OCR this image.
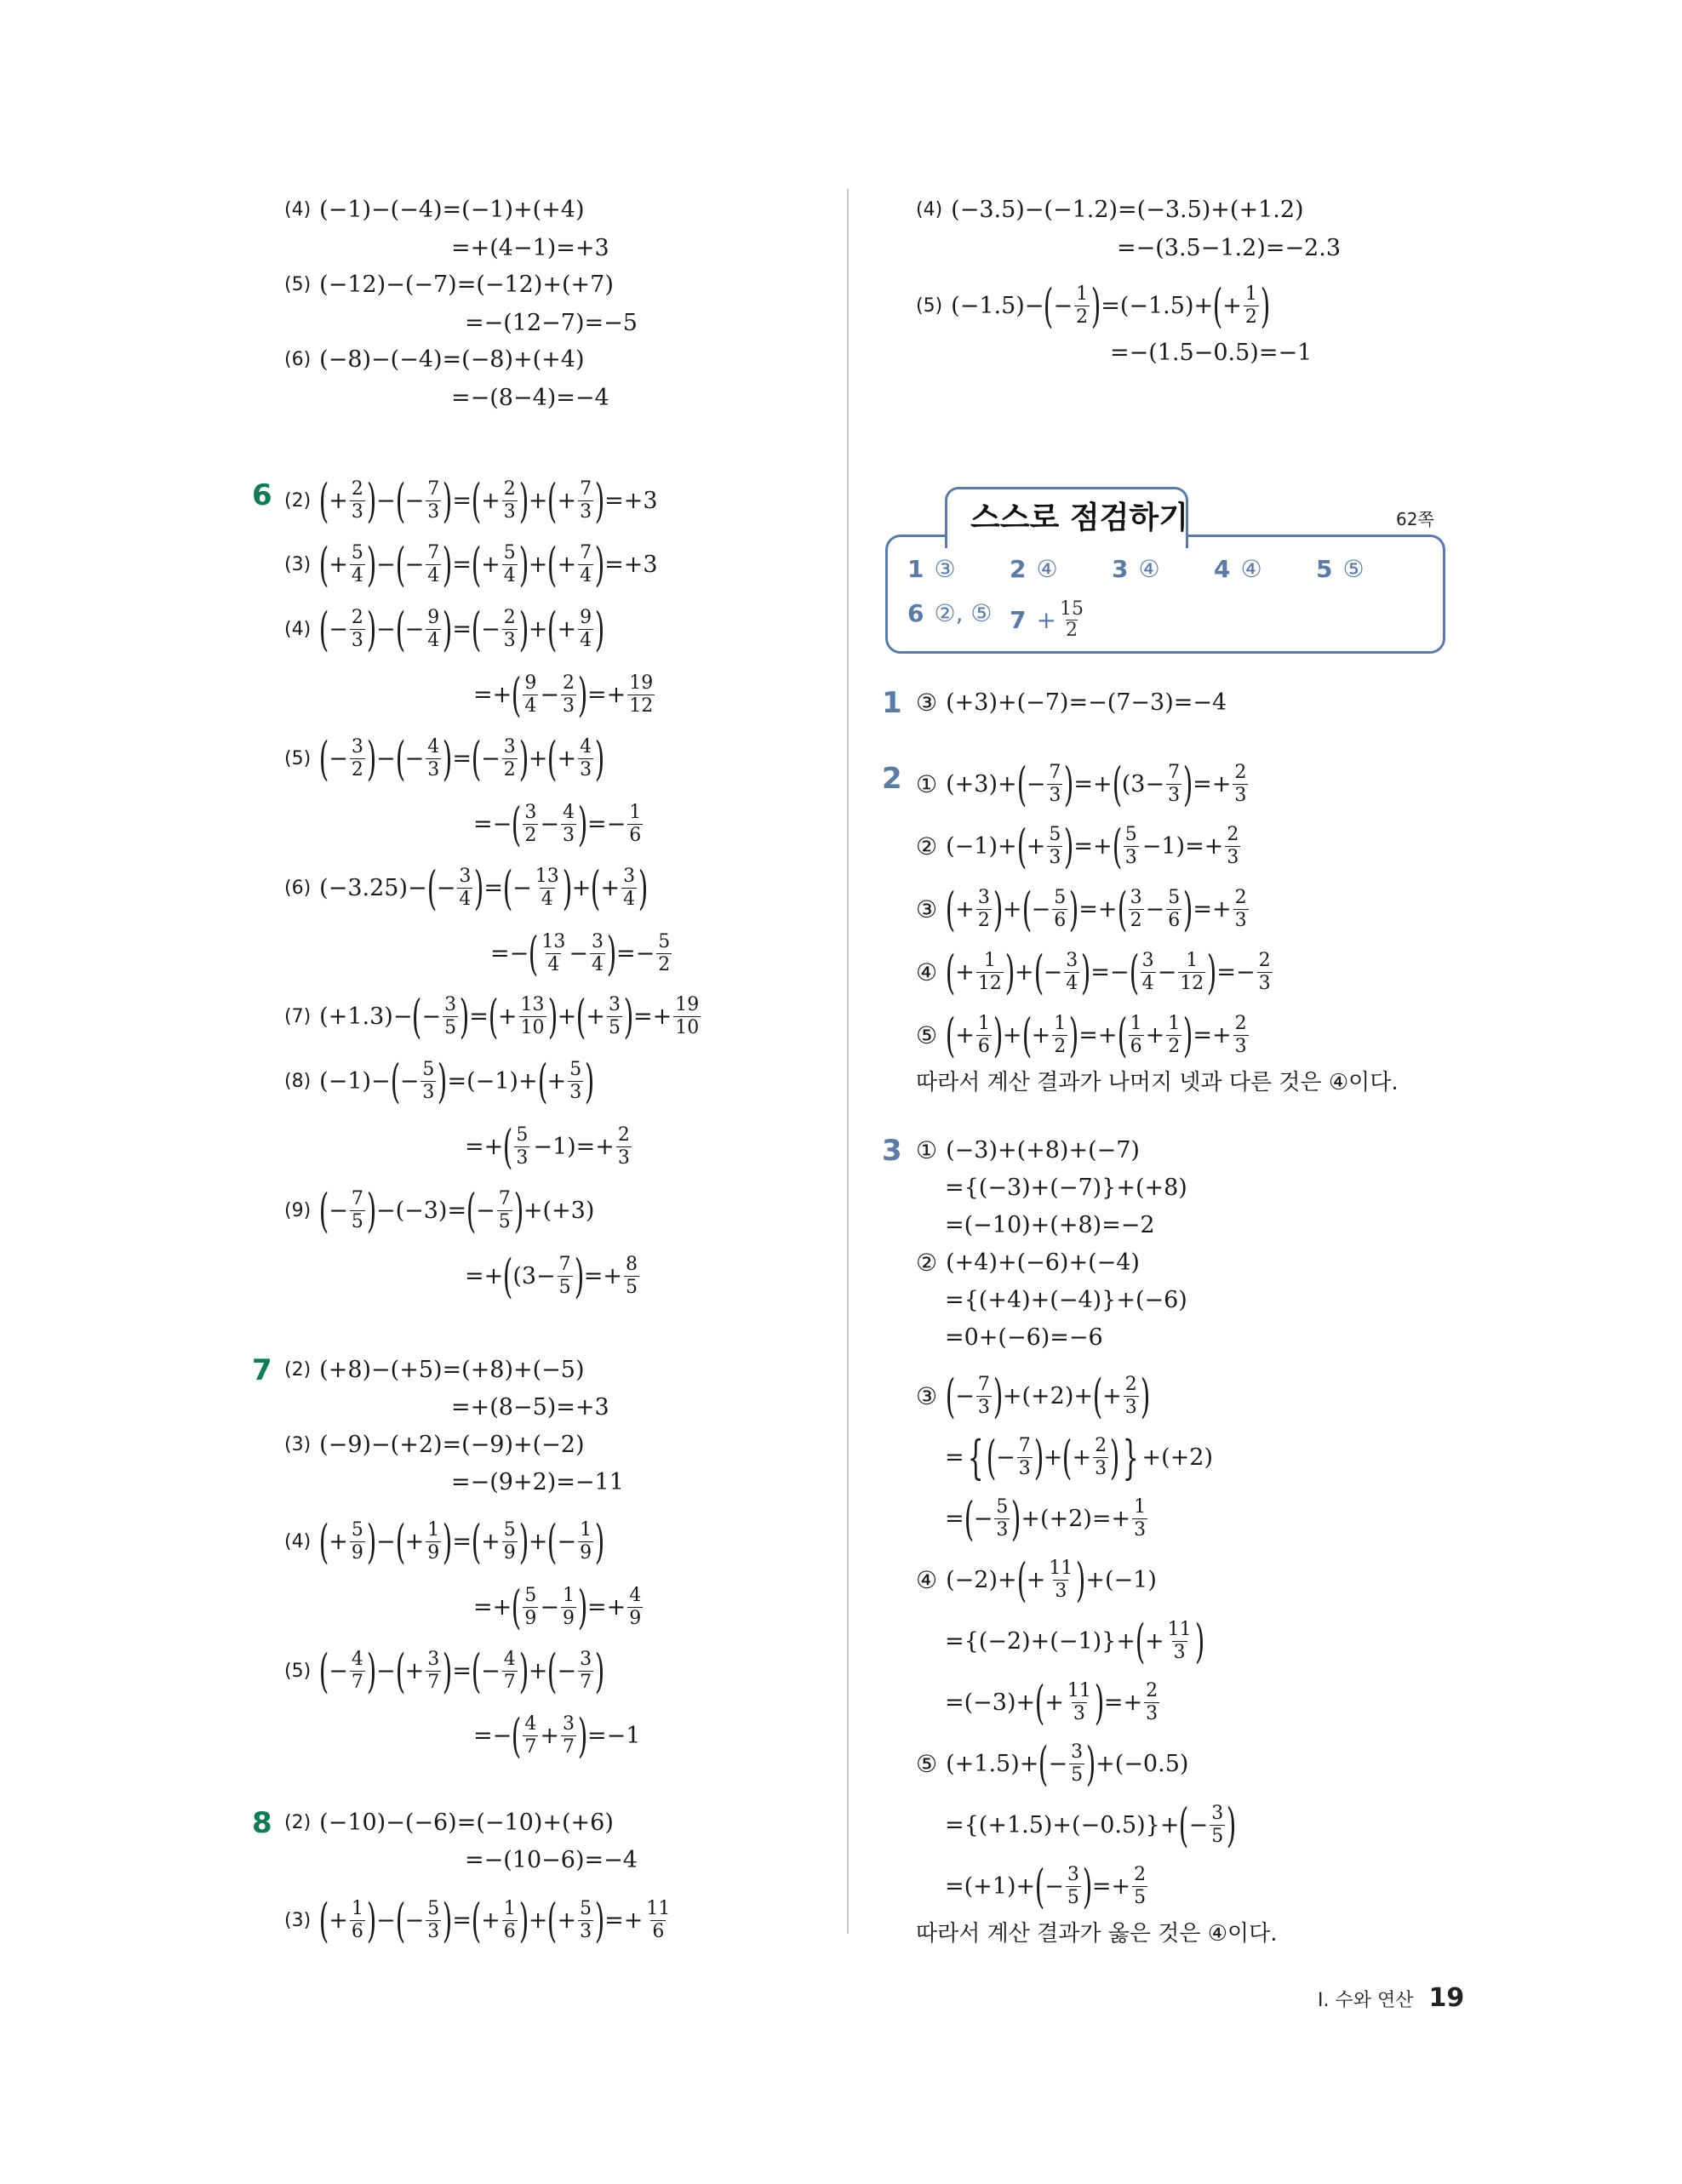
(4) (−1)−(−4)=(−1)+(+4)
=+(4−1)=+3
(5) (−12)−(−7)=(−12)+(+7)
=−(12−7)=−5
(6) (−8)−(−4)=(−8)+(+4)
=−(8−4)=−4
6 (2) ( + 2
3 ) − ( − 7
3 ) = ( + 2
3 ) + ( + 7
3 ) =+3
(3) ( + 5
4 ) − ( − 7
4 ) = ( + 5
4 ) + ( + 7
4 ) =+3
(4) ( − 2
3 ) − ( − 9
4 ) = ( − 2
3 ) + ( + 9
4 )
=+ ( 9
4 − 2
3 ) =+ 19
12
(5) ( − 3
2 ) − ( − 4
3 ) = ( − 3
2 ) + ( + 4
3 )
=− ( 3
2 − 4
3 ) =− 1
6
(6) (−3.25) − ( − 3
4 ) = ( − 13
4 ) + ( + 3
4 )
=− ( 13
4 − 3
4 ) =− 5
2
(7) (+1.3) − ( − 3
5 ) = ( + 13
10 ) + ( + 3
5 ) =+ 19
10
(8) (−1) − ( − 5
3 ) =(−1) + ( + 5
3 )
=+ ( 5
3 −1) =+ 2
3
(9) ( − 7
5 ) −(−3) = ( − 7
5 ) +(+3)
=+ ( (3 − 7
5 ) =+ 8
5
7 (2) (+8)−(+5)=(+8)+(−5)
=+(8−5)=+3
(3) (−9)−(+2)=(−9)+(−2)
=−(9+2)=−11
(4) ( + 5
9 ) − ( + 1
9 ) = ( + 5
9 ) + ( − 1
9 )
=+ ( 5
9 − 1
9 ) =+ 4
9
(5) ( − 4
7 ) − ( + 3
7 ) = ( − 4
7 ) + ( − 3
7 )
=− ( 4
7 + 3
7 ) =−1
8 (2) (−10)−(−6)=(−10)+(+6)
=−(10−6)=−4
(3) ( + 1
6 ) − ( − 5
3 ) = ( + 1
6 ) + ( + 5
3 ) =+ 11
6
(4) (−3.5)−(−1.2)=(−3.5)+(+1.2)
=−(3.5−1.2)=−2.3
(5) (−1.5)− ( − 1
2 ) =(−1.5)+ ( + 1
2 )
=−(1.5−0.5)=−1
스스로 점검하기	62쪽
1 ③ 2 ④ 3 ④ 4 ④ 5 ⑤
6 ②, ⑤ $7 + \frac{15}{2}$
1 ③ (+3)+(−7)=−(7−3)=−4
2 ① (+3)+ ( − 7
3 ) =+ ( (3 − 7
3 ) =+ 2
3
② (−1)+ ( + 5
3 ) =+ ( 5
3 −1) =+ 2
3
③ ( + 3
2 ) + ( − 5
6 ) =+ ( 3
2 − 5
6 ) =+ 2
3
④ ( + 1
12 ) + ( − 3
4 ) =− ( 3
4 − 1
12 ) =− 2
3
⑤ ( + 1
6 ) + ( + 1
2 ) =+ ( 1
6 + 1
2 ) =+ 2
3
따라서 계산 결과가 나머지 넷과 다른 것은 ④이다.
3 ① (−3)+(+8)+(−7)
={(−3)+(−7)}+(+8)
=(−10)+(+8)=−2
② (+4)+(−6)+(−4)
={(+4)+(−4)}+(−6)
=0+(−6)=−6
③ ( − 7
3 ) +(+2)+ ( + 2
3 )
= { ( − 7
3 ) + ( + 2
3 ) } +(+2)
= ( − 5
3 ) $+(+2)=+ \frac{1}{3}$
④ (−2)+ ( + 11
3 ) +(−1)
={(−2)+(−1)}+ ( + 11
3 )
=(−3)+ ( + 11
3 ) =+ $\frac{2}{3}$
⑤ (+1.5)+ ( − 3
5 ) +(−0.5)
={(+1.5)+(−0.5)}+ ( − 3
5 )
=(+1)+ ( − 3
5 ) =+ $\frac{2}{5}$
따라서 계산 결과가 옳은 것은 ④이다.
Ⅰ. 수와 연산 19
